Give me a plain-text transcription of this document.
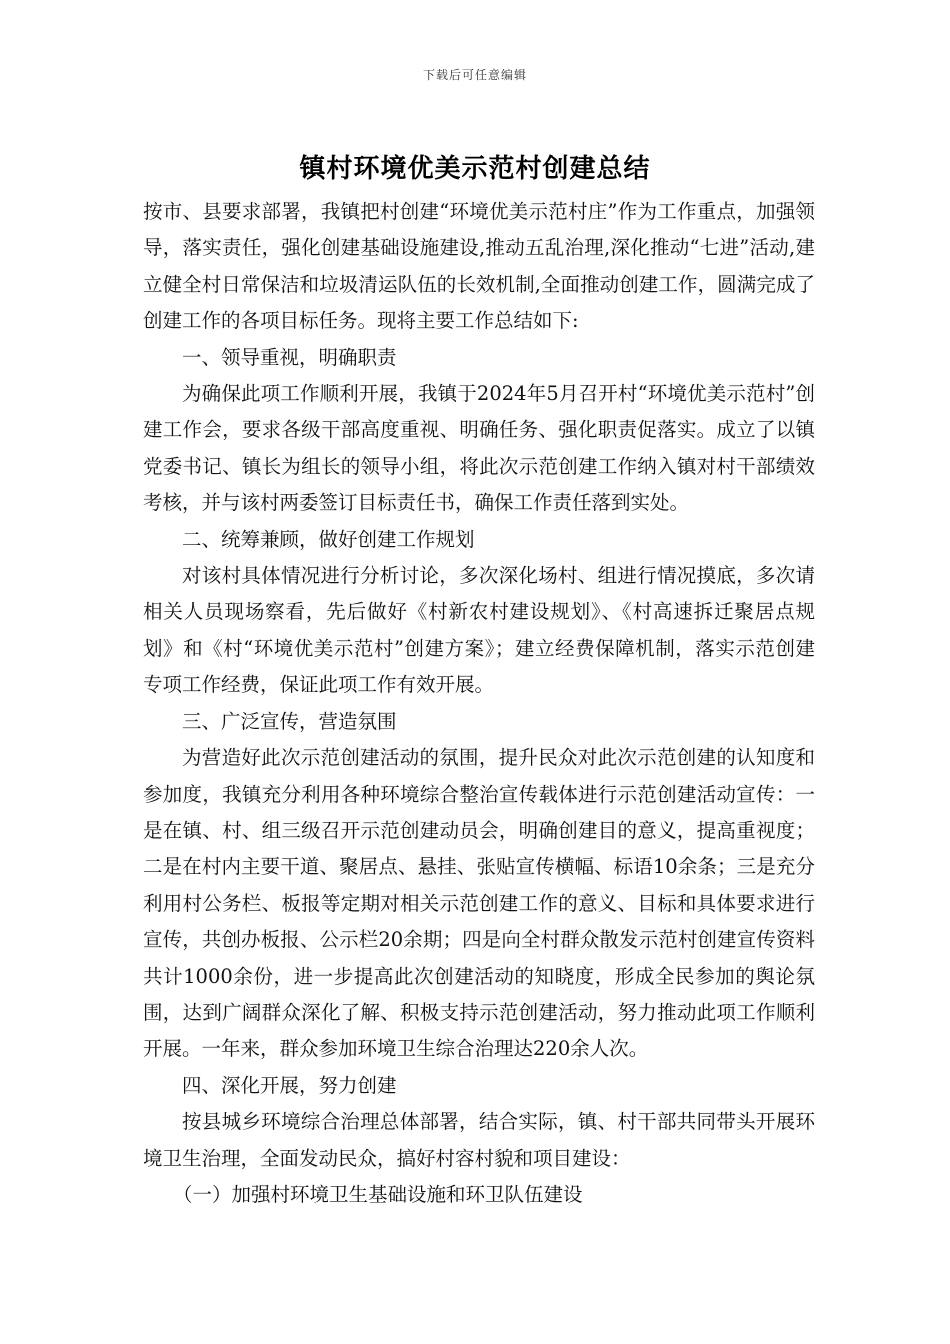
下载后可任意编辑
镇村环境优美示范村创建总结

按市、县要求部署，我镇把村创建“环境优美示范村庄”作为工作重点，加强领导，落实责任，强化创建基础设施建设,推动五乱治理,深化推动“七进”活动,建立健全村日常保洁和垃圾清运队伍的长效机制,全面推动创建工作，圆满完成了创建工作的各项目标任务。现将主要工作总结如下:

一、领导重视，明确职责

为确保此项工作顺利开展，我镇于2024年5月召开村“环境优美示范村”创建工作会，要求各级干部高度重视、明确任务、强化职责促落实。成立了以镇党委书记、镇长为组长的领导小组，将此次示范创建工作纳入镇对村干部绩效考核，并与该村两委签订目标责任书，确保工作责任落到实处。

二、统筹兼顾，做好创建工作规划

对该村具体情况进行分析讨论，多次深化场村、组进行情况摸底，多次请相关人员现场察看，先后做好《村新农村建设规划》、《村高速拆迁聚居点规划》和《村“环境优美示范村”创建方案》；建立经费保障机制，落实示范创建专项工作经费，保证此项工作有效开展。

三、广泛宣传，营造氛围

为营造好此次示范创建活动的氛围，提升民众对此次示范创建的认知度和参加度，我镇充分利用各种环境综合整治宣传载体进行示范创建活动宣传：一是在镇、村、组三级召开示范创建动员会，明确创建目的意义，提高重视度；二是在村内主要干道、聚居点、悬挂、张贴宣传横幅、标语10余条；三是充分利用村公务栏、板报等定期对相关示范创建工作的意义、目标和具体要求进行宣传，共创办板报、公示栏20余期；四是向全村群众散发示范村创建宣传资料共计1000余份，进一步提高此次创建活动的知晓度，形成全民参加的舆论氛围，达到广阔群众深化了解、积极支持示范创建活动，努力推动此项工作顺利开展。一年来，群众参加环境卫生综合治理达220余人次。

四、深化开展，努力创建

按县城乡环境综合治理总体部署，结合实际，镇、村干部共同带头开展环境卫生治理，全面发动民众，搞好村容村貌和项目建设：

（一）加强村环境卫生基础设施和环卫队伍建设
